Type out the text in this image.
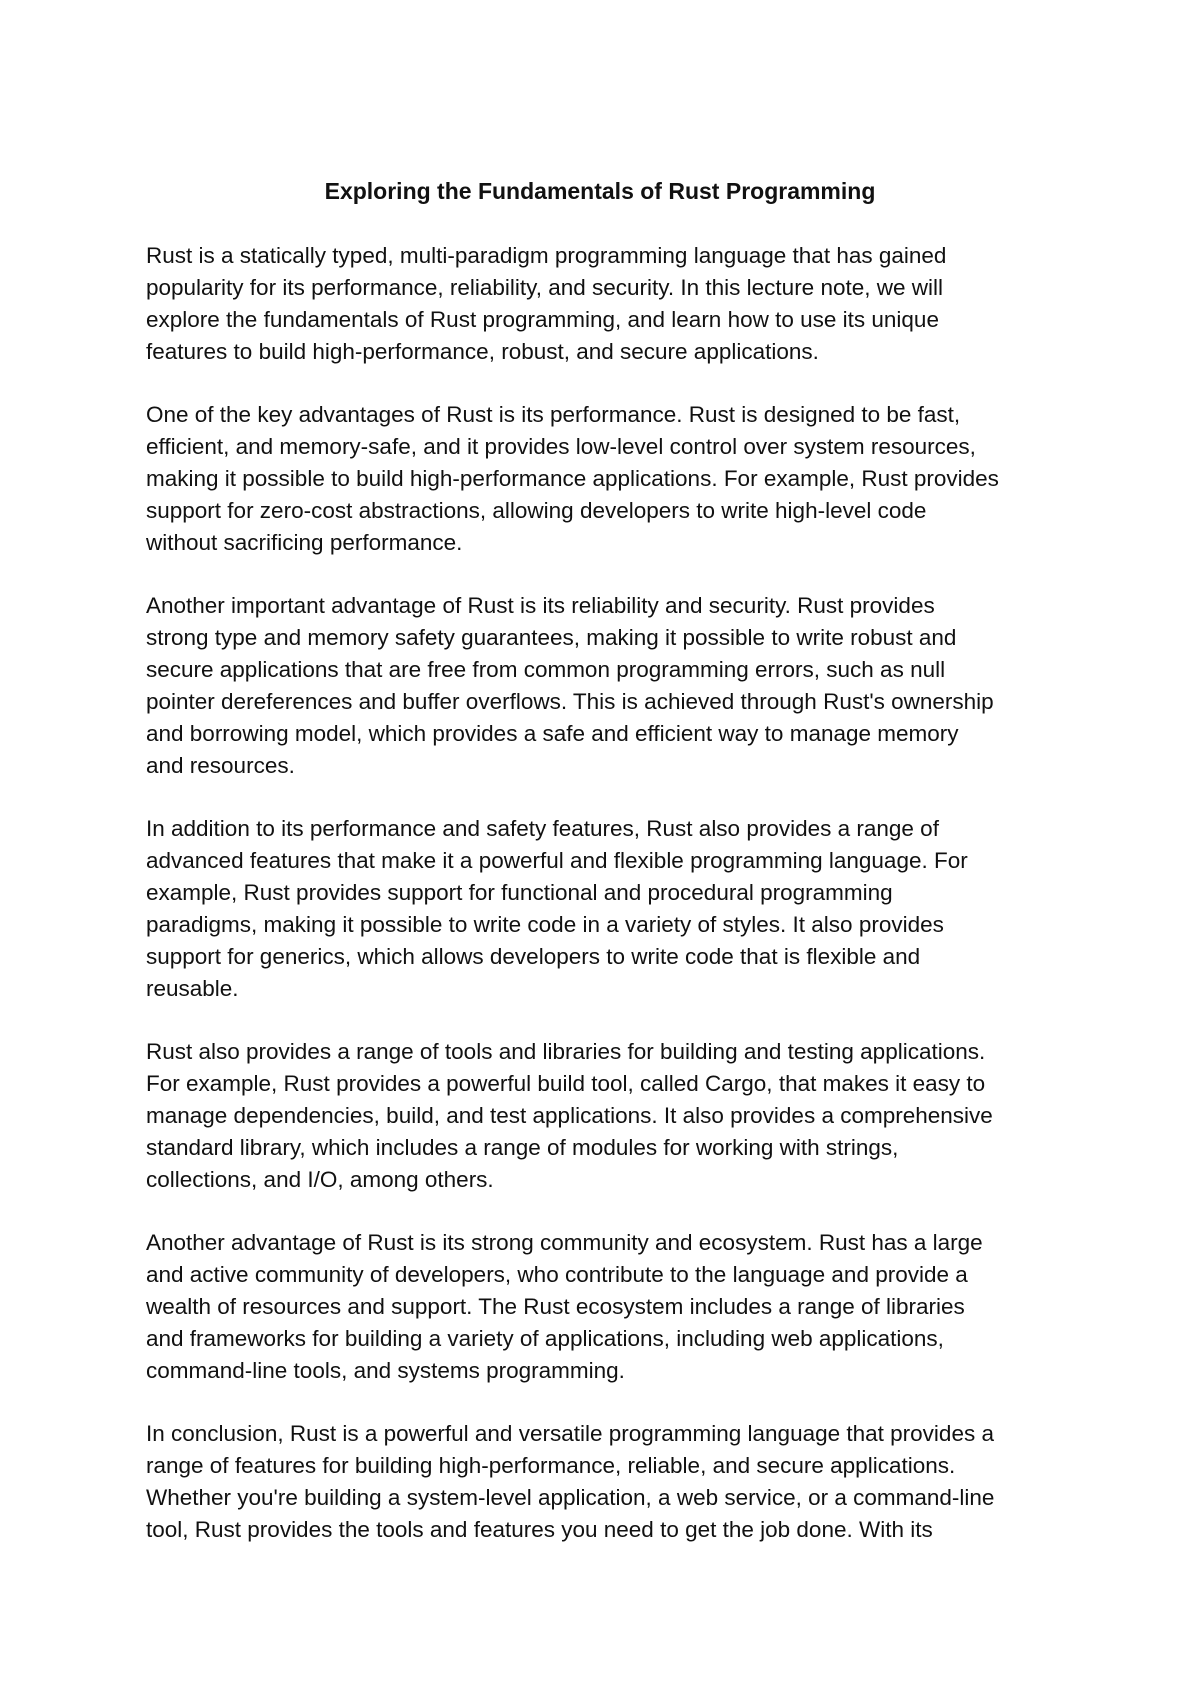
Exploring the Fundamentals of Rust Programming

Rust is a statically typed, multi-paradigm programming language that has gained
popularity for its performance, reliability, and security. In this lecture note, we will
explore the fundamentals of Rust programming, and learn how to use its unique
features to build high-performance, robust, and secure applications.

One of the key advantages of Rust is its performance. Rust is designed to be fast,
efficient, and memory-safe, and it provides low-level control over system resources,
making it possible to build high-performance applications. For example, Rust provides
support for zero-cost abstractions, allowing developers to write high-level code
without sacrificing performance.

Another important advantage of Rust is its reliability and security. Rust provides
strong type and memory safety guarantees, making it possible to write robust and
secure applications that are free from common programming errors, such as null
pointer dereferences and buffer overflows. This is achieved through Rust's ownership
and borrowing model, which provides a safe and efficient way to manage memory
and resources.

In addition to its performance and safety features, Rust also provides a range of
advanced features that make it a powerful and flexible programming language. For
example, Rust provides support for functional and procedural programming
paradigms, making it possible to write code in a variety of styles. It also provides
support for generics, which allows developers to write code that is flexible and
reusable.

Rust also provides a range of tools and libraries for building and testing applications.
For example, Rust provides a powerful build tool, called Cargo, that makes it easy to
manage dependencies, build, and test applications. It also provides a comprehensive
standard library, which includes a range of modules for working with strings,
collections, and I/O, among others.

Another advantage of Rust is its strong community and ecosystem. Rust has a large
and active community of developers, who contribute to the language and provide a
wealth of resources and support. The Rust ecosystem includes a range of libraries
and frameworks for building a variety of applications, including web applications,
command-line tools, and systems programming.

In conclusion, Rust is a powerful and versatile programming language that provides a
range of features for building high-performance, reliable, and secure applications.
Whether you're building a system-level application, a web service, or a command-line
tool, Rust provides the tools and features you need to get the job done. With its
